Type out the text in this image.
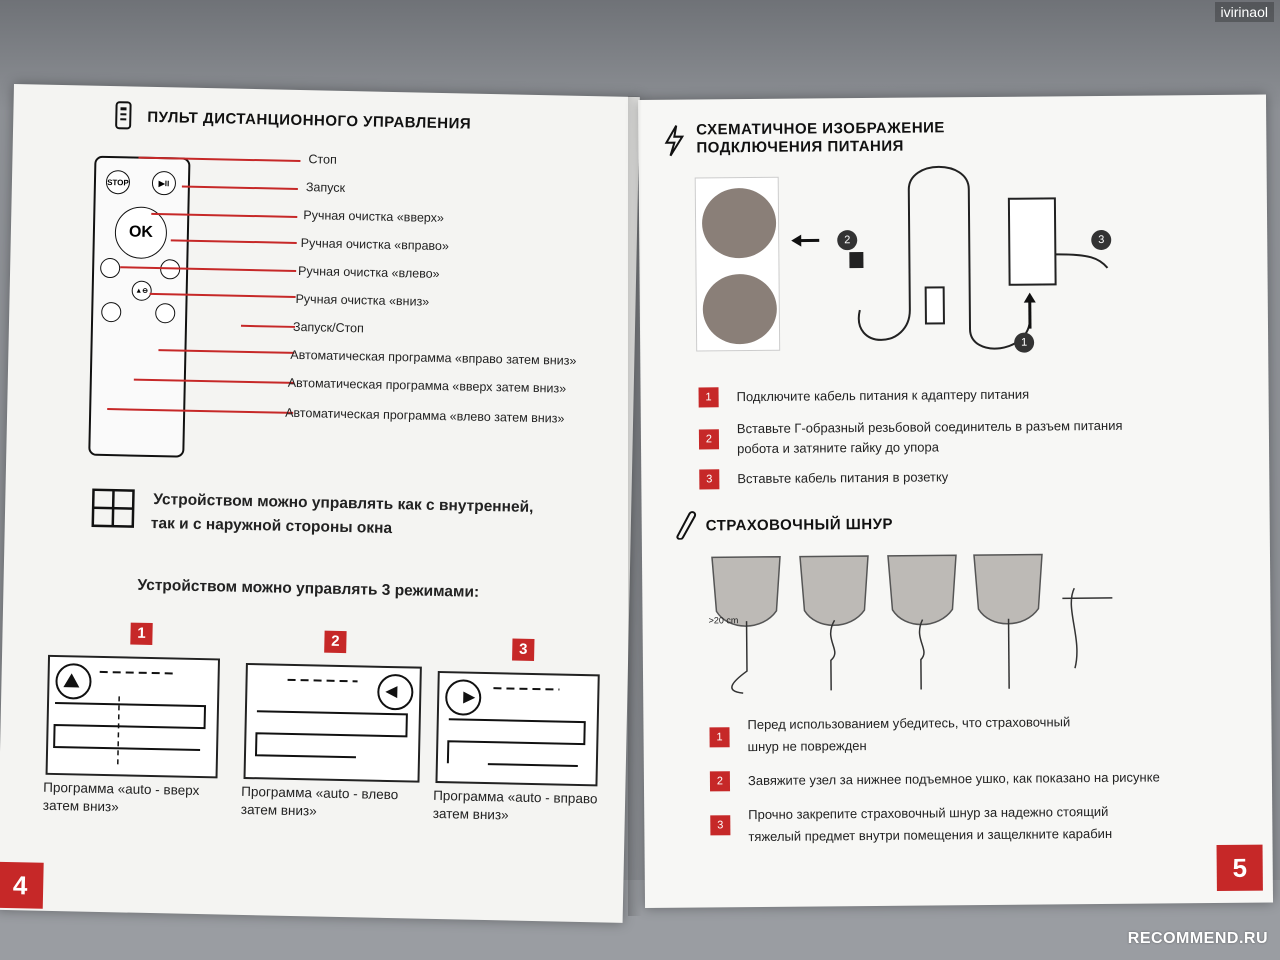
ivirinaol
ПУЛЬТ ДИСТАНЦИОННОГО УПРАВЛЕНИЯ
STOP	▶II
OK
▲⊖
Стоп
Запуск
Ручная очистка «вверх»
Ручная очистка «вправо»
Ручная очистка «влево»
Ручная очистка «вниз»
Запуск/Стоп
Автоматическая программа «вправо затем вниз»
Автоматическая программа «вверх затем вниз»
Автоматическая программа «влево затем вниз»
Устройством можно управлять как с внутренней,
так и с наружной стороны окна
Устройством можно управлять 3 режимами:
1
Программа «auto - вверх
затем вниз»
2
Программа «auto - влево
затем вниз»
3
Программа «auto - вправо
затем вниз»
4
СХЕМАТИЧНОЕ ИЗОБРАЖЕНИЕ
ПОДКЛЮЧЕНИЯ ПИТАНИЯ
2	3
1
1	Подключите кабель питания к адаптеру питания
2
Вставьте Г-образный резьбовой соединитель в разъем питания
робота и затяните гайку до упора
3	Вставьте кабель питания в розетку
СТРАХОВОЧНЫЙ ШНУР
>20 cm
1
Перед использованием убедитесь, что страховочный
шнур не поврежден
2	Завяжите узел за нижнее подъемное ушко, как показано на рисунке
3
Прочно закрепите страховочный шнур за надежно стоящий
тяжелый предмет внутри помещения и защелкните карабин
5
RECOMMEND.RU
